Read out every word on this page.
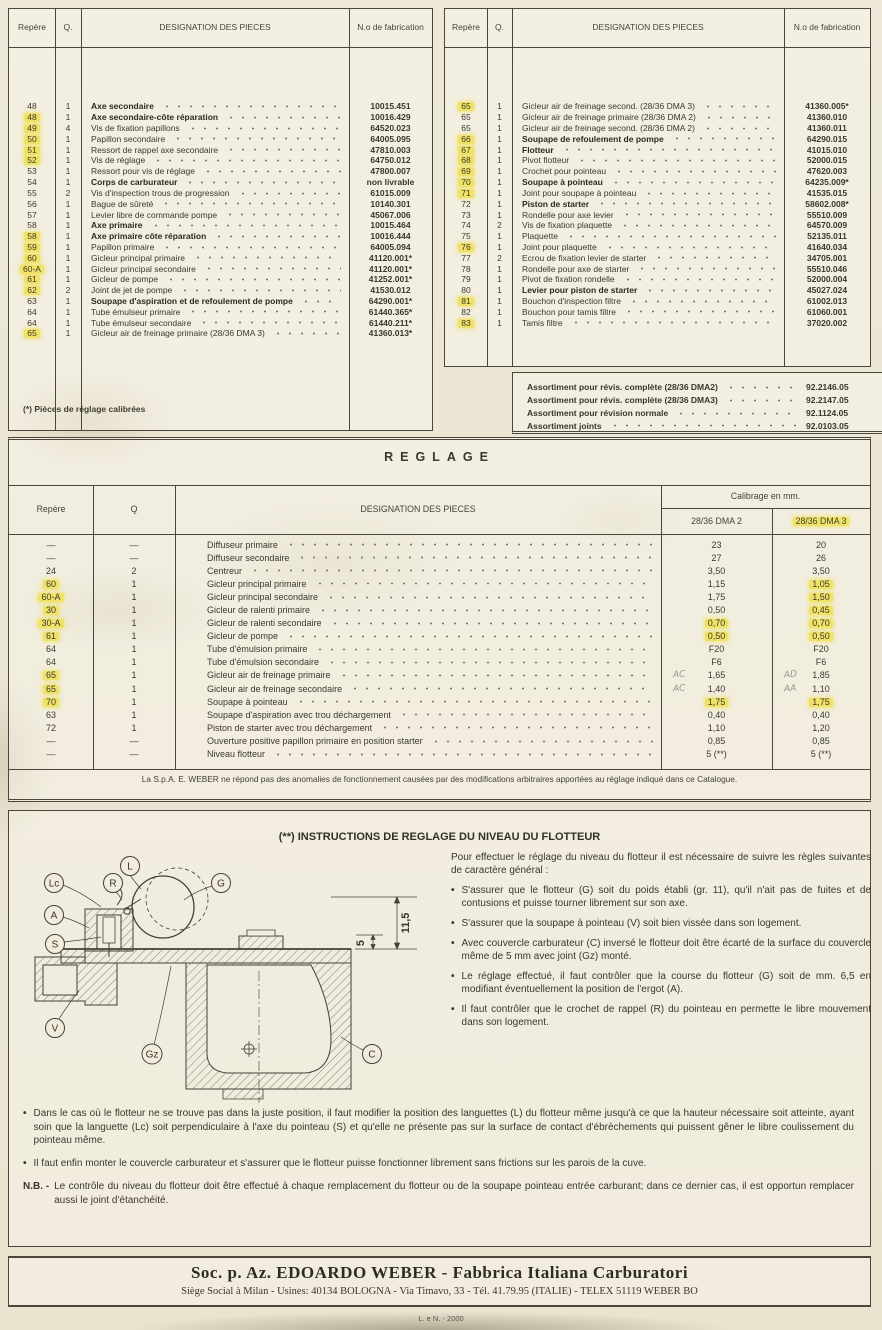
Repère	Q.	DESIGNATION DES PIECES	N.o de fabrication
48	1	Axe secondaire	10015.451
48	1	Axe secondaire-côte réparation	10016.429
49	4	Vis de fixation papillons	64520.023
50	1	Papillon secondaire	64005.095
51	1	Ressort de rappel axe secondaire	47810.003
52	1	Vis de réglage	64750.012
53	1	Ressort pour vis de réglage	47800.007
54	1	Corps de carburateur	non livrable
55	2	Vis d'inspection trous de progression	61015.009
56	1	Bague de sûreté	10140.301
57	1	Levier libre de commande pompe	45067.006
58	1	Axe primaire	10015.464
58	1	Axe primaire côte réparation	10016.444
59	1	Papillon primaire	64005.094
60	1	Gicleur principal primaire	41120.001*
60-A	1	Gicleur principal secondaire	41120.001*
61	1	Gicleur de pompe	41252.001*
62	2	Joint de jet de pompe	41530.012
63	1	Soupape d'aspiration et de refoulement de pompe	64290.001*
64	1	Tube émulseur primaire	61440.365*
64	1	Tube émulseur secondaire	61440.211*
65	1	Gicleur air de freinage primaire (28/36 DMA 3)	41360.013*
(*) Pièces de réglage calibrées
Repère	Q.	DESIGNATION DES PIECES	N.o de fabrication
65	1	Gicleur air de freinage second. (28/36 DMA 3)	41360.005*
65	1	Gicleur air de freinage primaire (28/36 DMA 2)	41360.010
65	1	Gicleur air de freinage second. (28/36 DMA 2)	41360.011
66	1	Soupape de refoulement de pompe	64290.015
67	1	Flotteur	41015.010
68	1	Pivot flotteur	52000.015
69	1	Crochet pour pointeau	47620.003
70	1	Soupape à pointeau	64235.009*
71	1	Joint pour soupape à pointeau	41535.015
72	1	Piston de starter	58602.008*
73	1	Rondelle pour axe levier	55510.009
74	2	Vis de fixation plaquette	64570.009
75	1	Plaquette	52135.011
76	1	Joint pour plaquette	41640.034
77	2	Ecrou de fixation levier de starter	34705.001
78	1	Rondelle pour axe de starter	55510.046
79	1	Pivot de fixation rondelle	52000.004
80	1	Levier pour piston de starter	45027.024
81	1	Bouchon d'inspection filtre	61002.013
82	1	Bouchon pour tamis filtre	61060.001
83	1	Tamis filtre	37020.002
Assortiment pour révis. complète (28/36 DMA2)	92.2146.05
Assortiment pour révis. complète (28/36 DMA3)	92.2147.05
Assortiment pour révision normale	92.1124.05
Assortiment joints	92.0103.05
REGLAGE
Repère	Q	DESIGNATION DES PIECES
Calibrage en mm.
28/36 DMA 2	28/36 DMA 3
—	—	Diffuseur primaire	23	20
—	—	Diffuseur secondaire	27	26
24	2	Centreur	3,50	3,50
60	1	Gicleur principal primaire	1,15	1,05
60-A	1	Gicleur principal secondaire	1,75	1,50
30	1	Gicleur de ralenti primaire	0,50	0,45
30-A	1	Gicleur de ralenti secondaire	0,70	0,70
61	1	Gicleur de pompe	0,50	0,50
64	1	Tube d'émulsion primaire	F20	F20
64	1	Tube d'émulsion secondaire	F6	F6
65	1	Gicleur air de freinage primaire	AC 1,65	AD 1,85
65	1	Gicleur air de freinage secondaire	AC 1,40	AA 1,10
70	1	Soupape à pointeau	1,75	1,75
63	1	Soupape d'aspiration avec trou déchargement	0,40	0,40
72	1	Piston de starter avec trou déchargement	1,10	1,20
—	—	Ouverture positive papillon primaire en position starter	0,85	0,85
—	—	Niveau flotteur	5 (**)	5 (**)
La S.p.A. E. WEBER ne répond pas des anomalies de fonctionnement causées par des modifications arbitraires apportées au réglage indiqué dans ce Catalogue.
(**) INSTRUCTIONS DE REGLAGE DU NIVEAU DU FLOTTEUR
11,5
5
L
Lc	R	G
A
S
V
Gz	C
Pour effectuer le réglage du niveau du flotteur il est nécessaire de suivre les règles suivantes de caractère général :
• S'assurer que le flotteur (G) soit du poids établi (gr. 11), qu'il n'ait pas de fuites et de contusions et puisse tourner librement sur son axe.
• S'assurer que la soupape à pointeau (V) soit bien vissée dans son logement.
• Avec couvercle carburateur (C) inversé le flotteur doit être écarté de la surface du couvercle même de 5 mm avec joint (Gz) monté.
• Le réglage effectué, il faut contrôler que la course du flotteur (G) soit de mm. 6,5 en modifiant éventuellement la position de l'ergot (A).
• Il faut contrôler que le crochet de rappel (R) du pointeau en permette le libre mouvement dans son logement.
• Dans le cas où le flotteur ne se trouve pas dans la juste position, il faut modifier la position des languettes (L) du flotteur même jusqu'à ce que la hauteur nécessaire soit atteinte, ayant soin que la languette (Lc) soit perpendiculaire à l'axe du pointeau (S) et qu'elle ne présente pas sur la surface de contact d'ébrèchements qui puissent gêner le libre coulissement du pointeau même.
• Il faut enfin monter le couvercle carburateur et s'assurer que le flotteur puisse fonctionner librement sans frictions sur les parois de la cuve.
N.B. - Le contrôle du niveau du flotteur doit être effectué à chaque remplacement du flotteur ou de la soupape pointeau entrée carburant; dans ce dernier cas, il est opportun remplacer aussi le joint d'étanchéité.
Soc. p. Az. EDOARDO WEBER - Fabbrica Italiana Carburatori
Siège Social à Milan - Usines: 40134 BOLOGNA - Via Timavo, 33 - Tél. 41.79.95 (ITALIE) - TELEX 51119 WEBER BO
L. e N. - 2000
